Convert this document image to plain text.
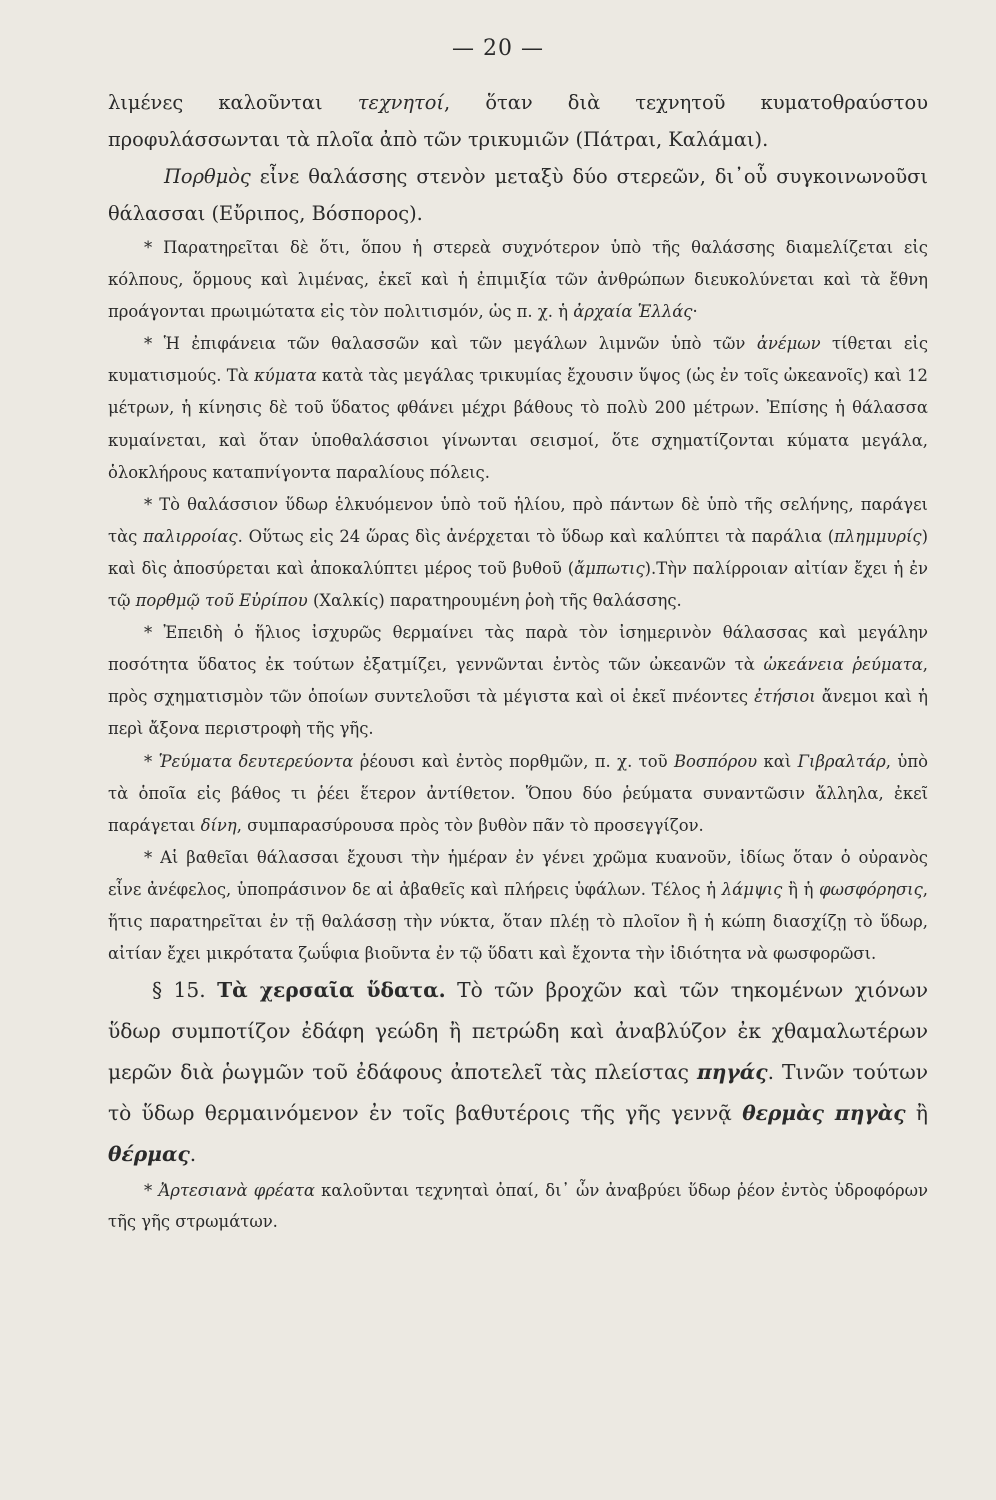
— 20 —

λιμένες καλοῦνται τεχνητοί, ὅταν διὰ τεχνητοῦ κυματοθραύστου προφυλάσσωνται τὰ πλοῖα ἀπὸ τῶν τρικυμιῶν (Πάτραι, Καλάμαι).

Πορθμὸς εἶνε θαλάσσης στενὸν μεταξὺ δύο στερεῶν, δι᾽οὗ συγκοινωνοῦσι θάλασσαι (Εὔριπος, Βόσπορος).

* Παρατηρεῖται δὲ ὅτι, ὅπου ἡ στερεὰ συχνότερον ὑπὸ τῆς θαλάσσης διαμελίζεται εἰς κόλπους, ὅρμους καὶ λιμένας, ἐκεῖ καὶ ἡ ἐπιμιξία τῶν ἀνθρώπων διευκολύνεται καὶ τὰ ἔθνη προάγονται πρωιμώτατα εἰς τὸν πολιτισμόν, ὡς π. χ. ἡ ἀρχαία Ἑλλάς·

* Ἡ ἐπιφάνεια τῶν θαλασσῶν καὶ τῶν μεγάλων λιμνῶν ὑπὸ τῶν ἀνέμων τίθεται εἰς κυματισμούς. Τὰ κύματα κατὰ τὰς μεγάλας τρικυμίας ἔχουσιν ὕψος (ὡς ἐν τοῖς ὠκεανοῖς) καὶ 12 μέτρων, ἡ κίνησις δὲ τοῦ ὕδατος φθάνει μέχρι βάθους τὸ πολὺ 200 μέτρων. Ἐπίσης ἡ θάλασσα κυμαίνεται, καὶ ὅταν ὑποθαλάσσιοι γίνωνται σεισμοί, ὅτε σχηματίζονται κύματα μεγάλα, ὁλοκλήρους καταπνίγοντα παραλίους πόλεις.

* Τὸ θαλάσσιον ὕδωρ ἑλκυόμενον ὑπὸ τοῦ ἡλίου, πρὸ πάντων δὲ ὑπὸ τῆς σελήνης, παράγει τὰς παλιρροίας. Οὕτως εἰς 24 ὥρας δὶς ἀνέρχεται τὸ ὕδωρ καὶ καλύπτει τὰ παράλια (πλημμυρίς) καὶ δὶς ἀποσύρεται καὶ ἀποκαλύπτει μέρος τοῦ βυθοῦ (ἄμπωτις).Τὴν παλίρροιαν αἰτίαν ἔχει ἡ ἐν τῷ πορθμῷ τοῦ Εὐρίπου (Χαλκίς) παρατηρουμένη ῥοὴ τῆς θαλάσσης.

* Ἐπειδὴ ὁ ἥλιος ἰσχυρῶς θερμαίνει τὰς παρὰ τὸν ἰσημερινὸν θάλασσας καὶ μεγάλην ποσότητα ὕδατος ἐκ τούτων ἐξατμίζει, γεννῶνται ἐντὸς τῶν ὠκεανῶν τὰ ὠκεάνεια ῥεύματα, πρὸς σχηματισμὸν τῶν ὁποίων συντελοῦσι τὰ μέγιστα καὶ οἱ ἐκεῖ πνέοντες ἐτήσιοι ἄνεμοι καὶ ἡ περὶ ἄξονα περιστροφὴ τῆς γῆς.

* Ῥεύματα δευτερεύοντα ῥέουσι καὶ ἐντὸς πορθμῶν, π. χ. τοῦ Βοσπόρου καὶ Γιβραλτάρ, ὑπὸ τὰ ὁποῖα εἰς βάθος τι ῥέει ἕτερον ἀντίθετον. Ὅπου δύο ῥεύματα συναντῶσιν ἄλληλα, ἐκεῖ παράγεται δίνη, συμπαρασύρουσα πρὸς τὸν βυθὸν πᾶν τὸ προσεγγίζον.

* Αἱ βαθεῖαι θάλασσαι ἔχουσι τὴν ἡμέραν ἐν γένει χρῶμα κυανοῦν, ἰδίως ὅταν ὁ οὐρανὸς εἶνε ἀνέφελος, ὑποπράσινον δε αἱ ἀβαθεῖς καὶ πλήρεις ὑφάλων. Τέλος ἡ λάμψις ἢ ἡ φωσφόρησις, ἥτις παρατηρεῖται ἐν τῇ θαλάσσῃ τὴν νύκτα, ὅταν πλέῃ τὸ πλοῖον ἢ ἡ κώπη διασχίζῃ τὸ ὕδωρ, αἰτίαν ἔχει μικρότατα ζωΰφια βιοῦντα ἐν τῷ ὕδατι καὶ ἔχοντα τὴν ἰδιότητα νὰ φωσφορῶσι.

§ 15. Τὰ χερσαῖα ὕδατα. Τὸ τῶν βροχῶν καὶ τῶν τηκομένων χιόνων ὕδωρ συμποτίζον ἐδάφη γεώδη ἢ πετρώδη καὶ ἀναβλύζον ἐκ χθαμαλωτέρων μερῶν διὰ ῥωγμῶν τοῦ ἐδάφους ἀποτελεῖ τὰς πλείστας πηγάς. Τινῶν τούτων τὸ ὕδωρ θερμαινόμενον ἐν τοῖς βαθυτέροις τῆς γῆς γεννᾷ θερμὰς πηγὰς ἢ θέρμας.

* Ἀρτεσιανὰ φρέατα καλοῦνται τεχνηταὶ ὀπαί, δι᾽ ὧν ἀναβρύει ὕδωρ ῥέον ἐντὸς ὑδροφόρων τῆς γῆς στρωμάτων.
